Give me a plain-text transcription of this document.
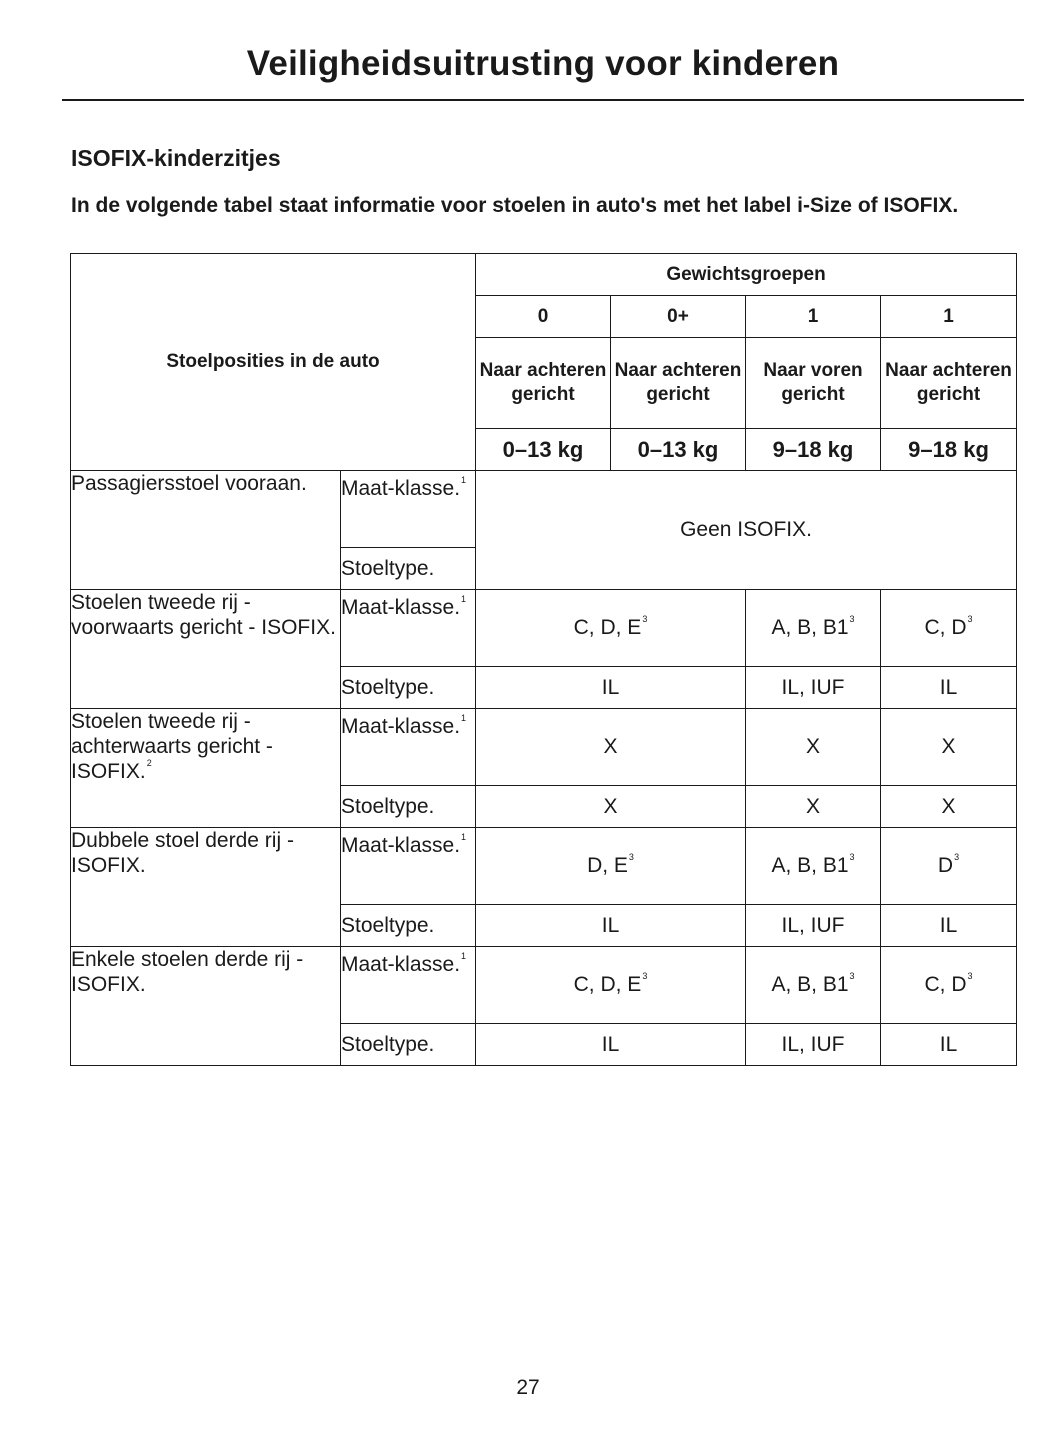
Veiligheidsuitrusting voor kinderen
ISOFIX-kinderzitjes

In de volgende tabel staat informatie voor stoelen in auto's met het label i-Size of ISOFIX.

Stoelposities in de auto		Gewichtsgroepen			
		0	0+	1	1
		Naar achteren gericht	Naar achteren gericht	Naar voren gericht	Naar achteren gericht
		0–13 kg	0–13 kg	9–18 kg	9–18 kg
Passagiersstoel vooraan.	Maat-klasse.$^1$	Geen ISOFIX.			
	Stoeltype.				
Stoelen tweede rij - voorwaarts gericht - ISOFIX.	Maat-klasse.$^1$	C, D, $E^3$		A, B, $B1^3$	C, $D^3$
	Stoeltype.	IL		IL, IUF	IL
Stoelen tweede rij - achterwaarts gericht - ISOFIX.$^2$	Maat-klasse.$^1$	X		X	X
	Stoeltype.	X		X	X
Dubbele stoel derde rij - ISOFIX.	Maat-klasse.$^1$	D, $E^3$		A, B, $B1^3$	$D^3$
	Stoeltype.	IL		IL, IUF	IL
Enkele stoelen derde rij - ISOFIX.	Maat-klasse.$^1$	C, D, $E^3$		A, B, $B1^3$	C, $D^3$
	Stoeltype.	IL		IL, IUF	IL

27
